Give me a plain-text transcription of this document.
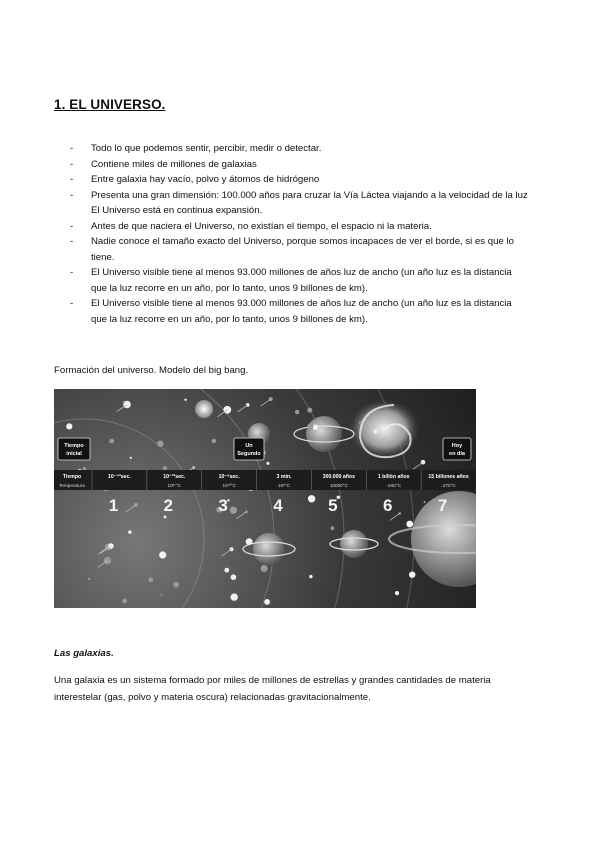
1. EL UNIVERSO.
- Todo lo que podemos sentir, percibir, medir o detectar.
- Contiene miles de millones de galaxias
- Entre galaxia hay vacío, polvo y átomos de hidrógeno
- Presenta una gran dimensión: 100.000 años para cruzar la Vía Láctea viajando a la velocidad de la luz
El Universo está en continua expansión.
- Antes de que naciera el Universo, no existían el tiempo, el espacio ni la materia.
- Nadie conoce el tamaño exacto del Universo, porque somos incapaces de ver el borde, si es que lo
tiene.
- El Universo visible tiene al menos 93.000 millones de años luz de ancho (un año luz es la distancia
que la luz recorre en un año, por lo tanto, unos 9 billones de km).
- El Universo visible tiene al menos 93.000 millones de años luz de ancho (un año luz es la distancia
que la luz recorre en un año, por lo tanto, unos 9 billones de km).
Formación del universo. Modelo del big bang.
Tiempo
Temperatura
10⁻⁴³sec.
1
10⁻³²sec.
10²⁷°C
2
10⁻⁶sec.
10¹³°C
3
3 min.
10⁸°C
4
300.000 años
10000°C
5
1 billón años
-200°C
6
15 billones años
-270°C
7
Tiempo
inicial
Un
Segundo
Hoy
en día
Las galaxias.
Una galaxia es un sistema formado por miles de millones de estrellas y grandes cantidades de materia
interestelar (gas, polvo y materia oscura) relacionadas gravitacionalmente.
